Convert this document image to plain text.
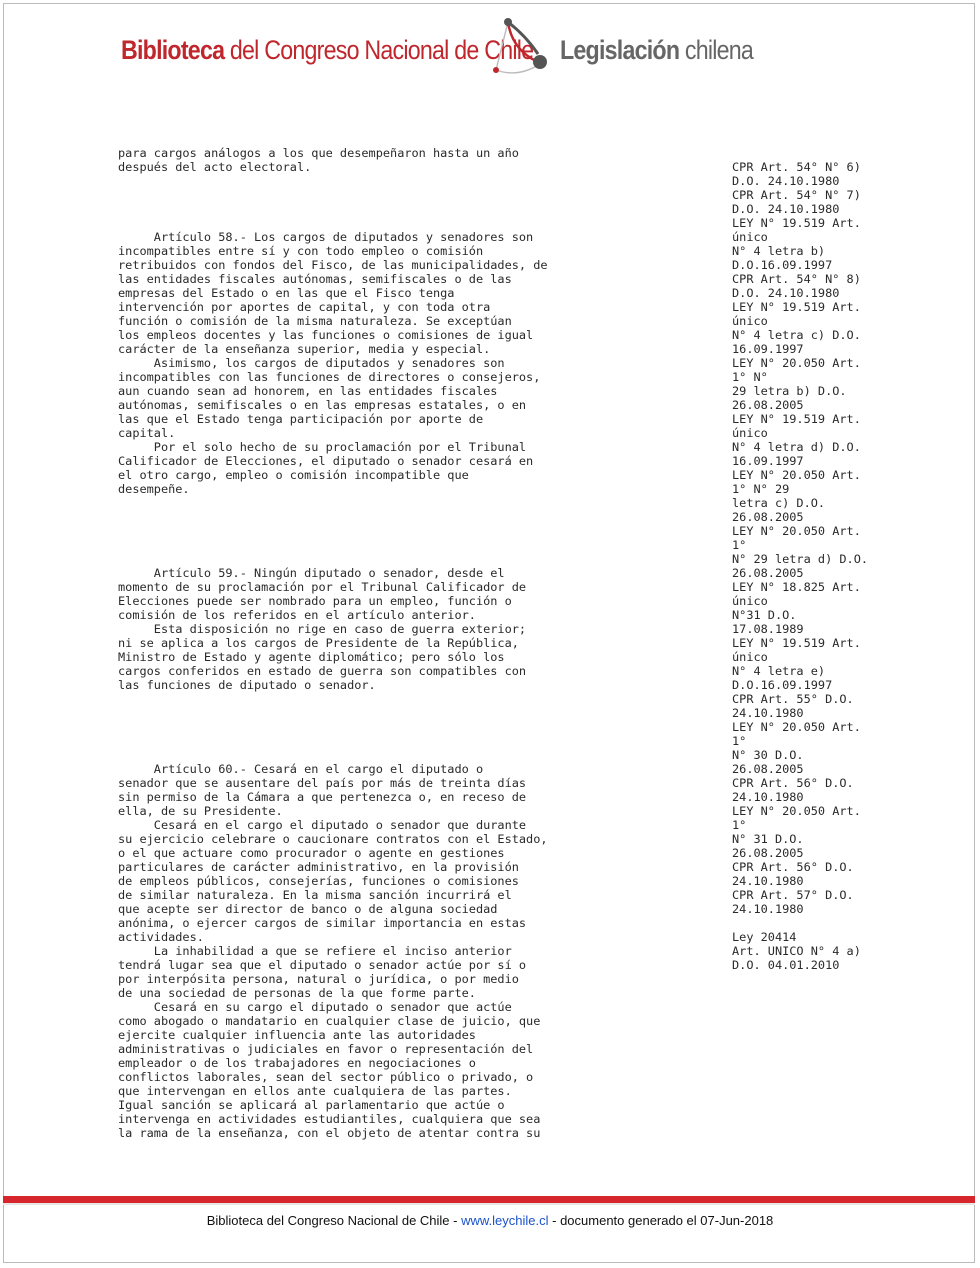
Biblioteca del Congreso Nacional de Chile Legislación chilena
para cargos análogos a los que desempeñaron hasta un año
después del acto electoral.
Artículo 58.- Los cargos de diputados y senadores son
incompatibles entre sí y con todo empleo o comisión
retribuidos con fondos del Fisco, de las municipalidades, de
las entidades fiscales autónomas, semifiscales o de las
empresas del Estado o en las que el Fisco tenga
intervención por aportes de capital, y con toda otra
función o comisión de la misma naturaleza. Se exceptúan
los empleos docentes y las funciones o comisiones de igual
carácter de la enseñanza superior, media y especial.
Asimismo, los cargos de diputados y senadores son
incompatibles con las funciones de directores o consejeros,
aun cuando sean ad honorem, en las entidades fiscales
autónomas, semifiscales o en las empresas estatales, o en
las que el Estado tenga participación por aporte de
capital.
Por el solo hecho de su proclamación por el Tribunal
Calificador de Elecciones, el diputado o senador cesará en
el otro cargo, empleo o comisión incompatible que
desempeñe.
Artículo 59.- Ningún diputado o senador, desde el
momento de su proclamación por el Tribunal Calificador de
Elecciones puede ser nombrado para un empleo, función o
comisión de los referidos en el artículo anterior.
Esta disposición no rige en caso de guerra exterior;
ni se aplica a los cargos de Presidente de la República,
Ministro de Estado y agente diplomático; pero sólo los
cargos conferidos en estado de guerra son compatibles con
las funciones de diputado o senador.
Artículo 60.- Cesará en el cargo el diputado o
senador que se ausentare del país por más de treinta días
sin permiso de la Cámara a que pertenezca o, en receso de
ella, de su Presidente.
Cesará en el cargo el diputado o senador que durante
su ejercicio celebrare o caucionare contratos con el Estado,
o el que actuare como procurador o agente en gestiones
particulares de carácter administrativo, en la provisión
de empleos públicos, consejerías, funciones o comisiones
de similar naturaleza. En la misma sanción incurrirá el
que acepte ser director de banco o de alguna sociedad
anónima, o ejercer cargos de similar importancia en estas
actividades.
La inhabilidad a que se refiere el inciso anterior
tendrá lugar sea que el diputado o senador actúe por sí o
por interpósita persona, natural o jurídica, o por medio
de una sociedad de personas de la que forme parte.
Cesará en su cargo el diputado o senador que actúe
como abogado o mandatario en cualquier clase de juicio, que
ejercite cualquier influencia ante las autoridades
administrativas o judiciales en favor o representación del
empleador o de los trabajadores en negociaciones o
conflictos laborales, sean del sector público o privado, o
que intervengan en ellos ante cualquiera de las partes.
Igual sanción se aplicará al parlamentario que actúe o
intervenga en actividades estudiantiles, cualquiera que sea
la rama de la enseñanza, con el objeto de atentar contra su
CPR Art. 54° N° 6)
D.O. 24.10.1980
CPR Art. 54° N° 7)
D.O. 24.10.1980
LEY N° 19.519 Art.
único
N° 4 letra b)
D.O.16.09.1997
CPR Art. 54° N° 8)
D.O. 24.10.1980
LEY N° 19.519 Art.
único
N° 4 letra c) D.O.
16.09.1997
LEY N° 20.050 Art.
1° N°
29 letra b) D.O.
26.08.2005
LEY N° 19.519 Art.
único
N° 4 letra d) D.O.
16.09.1997
LEY N° 20.050 Art.
1° N° 29
letra c) D.O.
26.08.2005
LEY N° 20.050 Art.
1°
N° 29 letra d) D.O.
26.08.2005
LEY N° 18.825 Art.
único
N°31 D.O.
17.08.1989
LEY N° 19.519 Art.
único
N° 4 letra e)
D.O.16.09.1997
CPR Art. 55° D.O.
24.10.1980
LEY N° 20.050 Art.
1°
N° 30 D.O.
26.08.2005
CPR Art. 56° D.O.
24.10.1980
LEY N° 20.050 Art.
1°
N° 31 D.O.
26.08.2005
CPR Art. 56° D.O.
24.10.1980
CPR Art. 57° D.O.
24.10.1980
Ley 20414
Art. UNICO N° 4 a)
D.O. 04.01.2010
Biblioteca del Congreso Nacional de Chile - www.leychile.cl - documento generado el 07-Jun-2018
